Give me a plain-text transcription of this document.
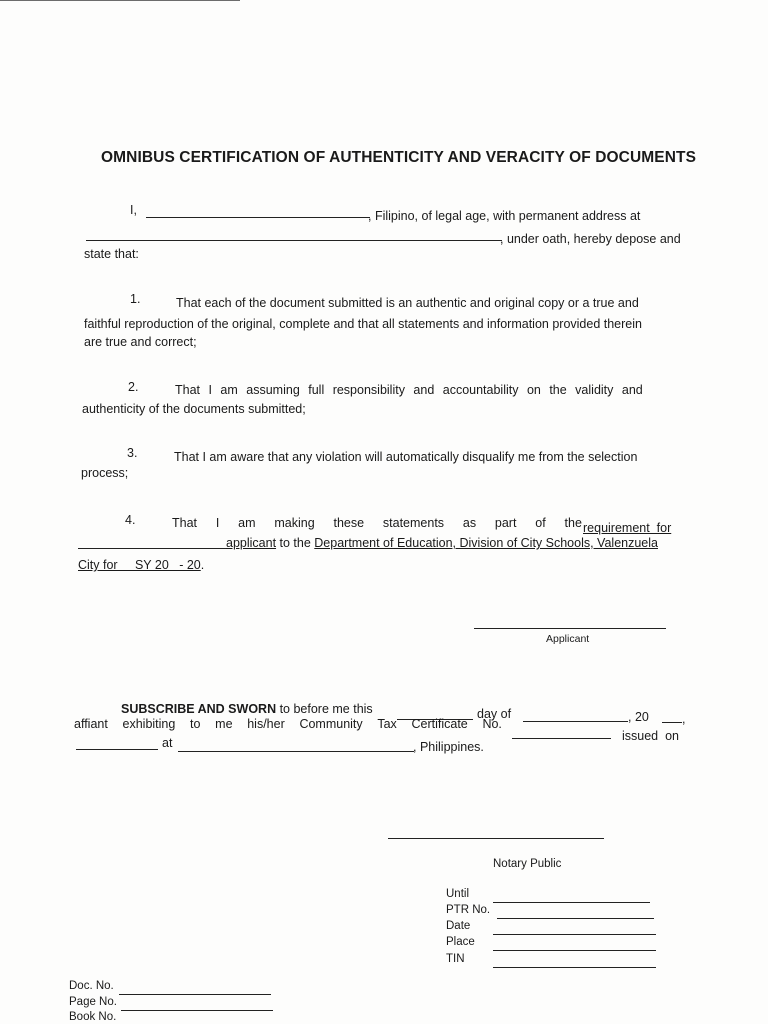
OMNIBUS CERTIFICATION OF AUTHENTICITY AND VERACITY OF DOCUMENTS
I,	, Filipino, of legal age, with permanent address at
, under oath, hereby depose and
state that:
1.	That each of the document submitted is an authentic and original copy or a true and
faithful reproduction of the original, complete and that all statements and information provided therein
are true and correct;
2.	That I am assuming full responsibility and accountability on the validity and
authenticity of the documents submitted;
3.	That I am aware that any violation will automatically disqualify me from the selection
process;
4.	That I am making these statements as part of the requirement  for
applicant to the Department of Education, Division of City Schools, Valenzuela
City for     SY 20   - 20.
Applicant
SUBSCRIBE AND SWORN to before me this	day of	, 20	,
affiant exhibiting to me his/her Community Tax Certificate No.
issued  on
at	, Philippines.
Notary Public
Until
PTR No.
Date
Place
TIN
Doc. No.
Page No.
Book No.
